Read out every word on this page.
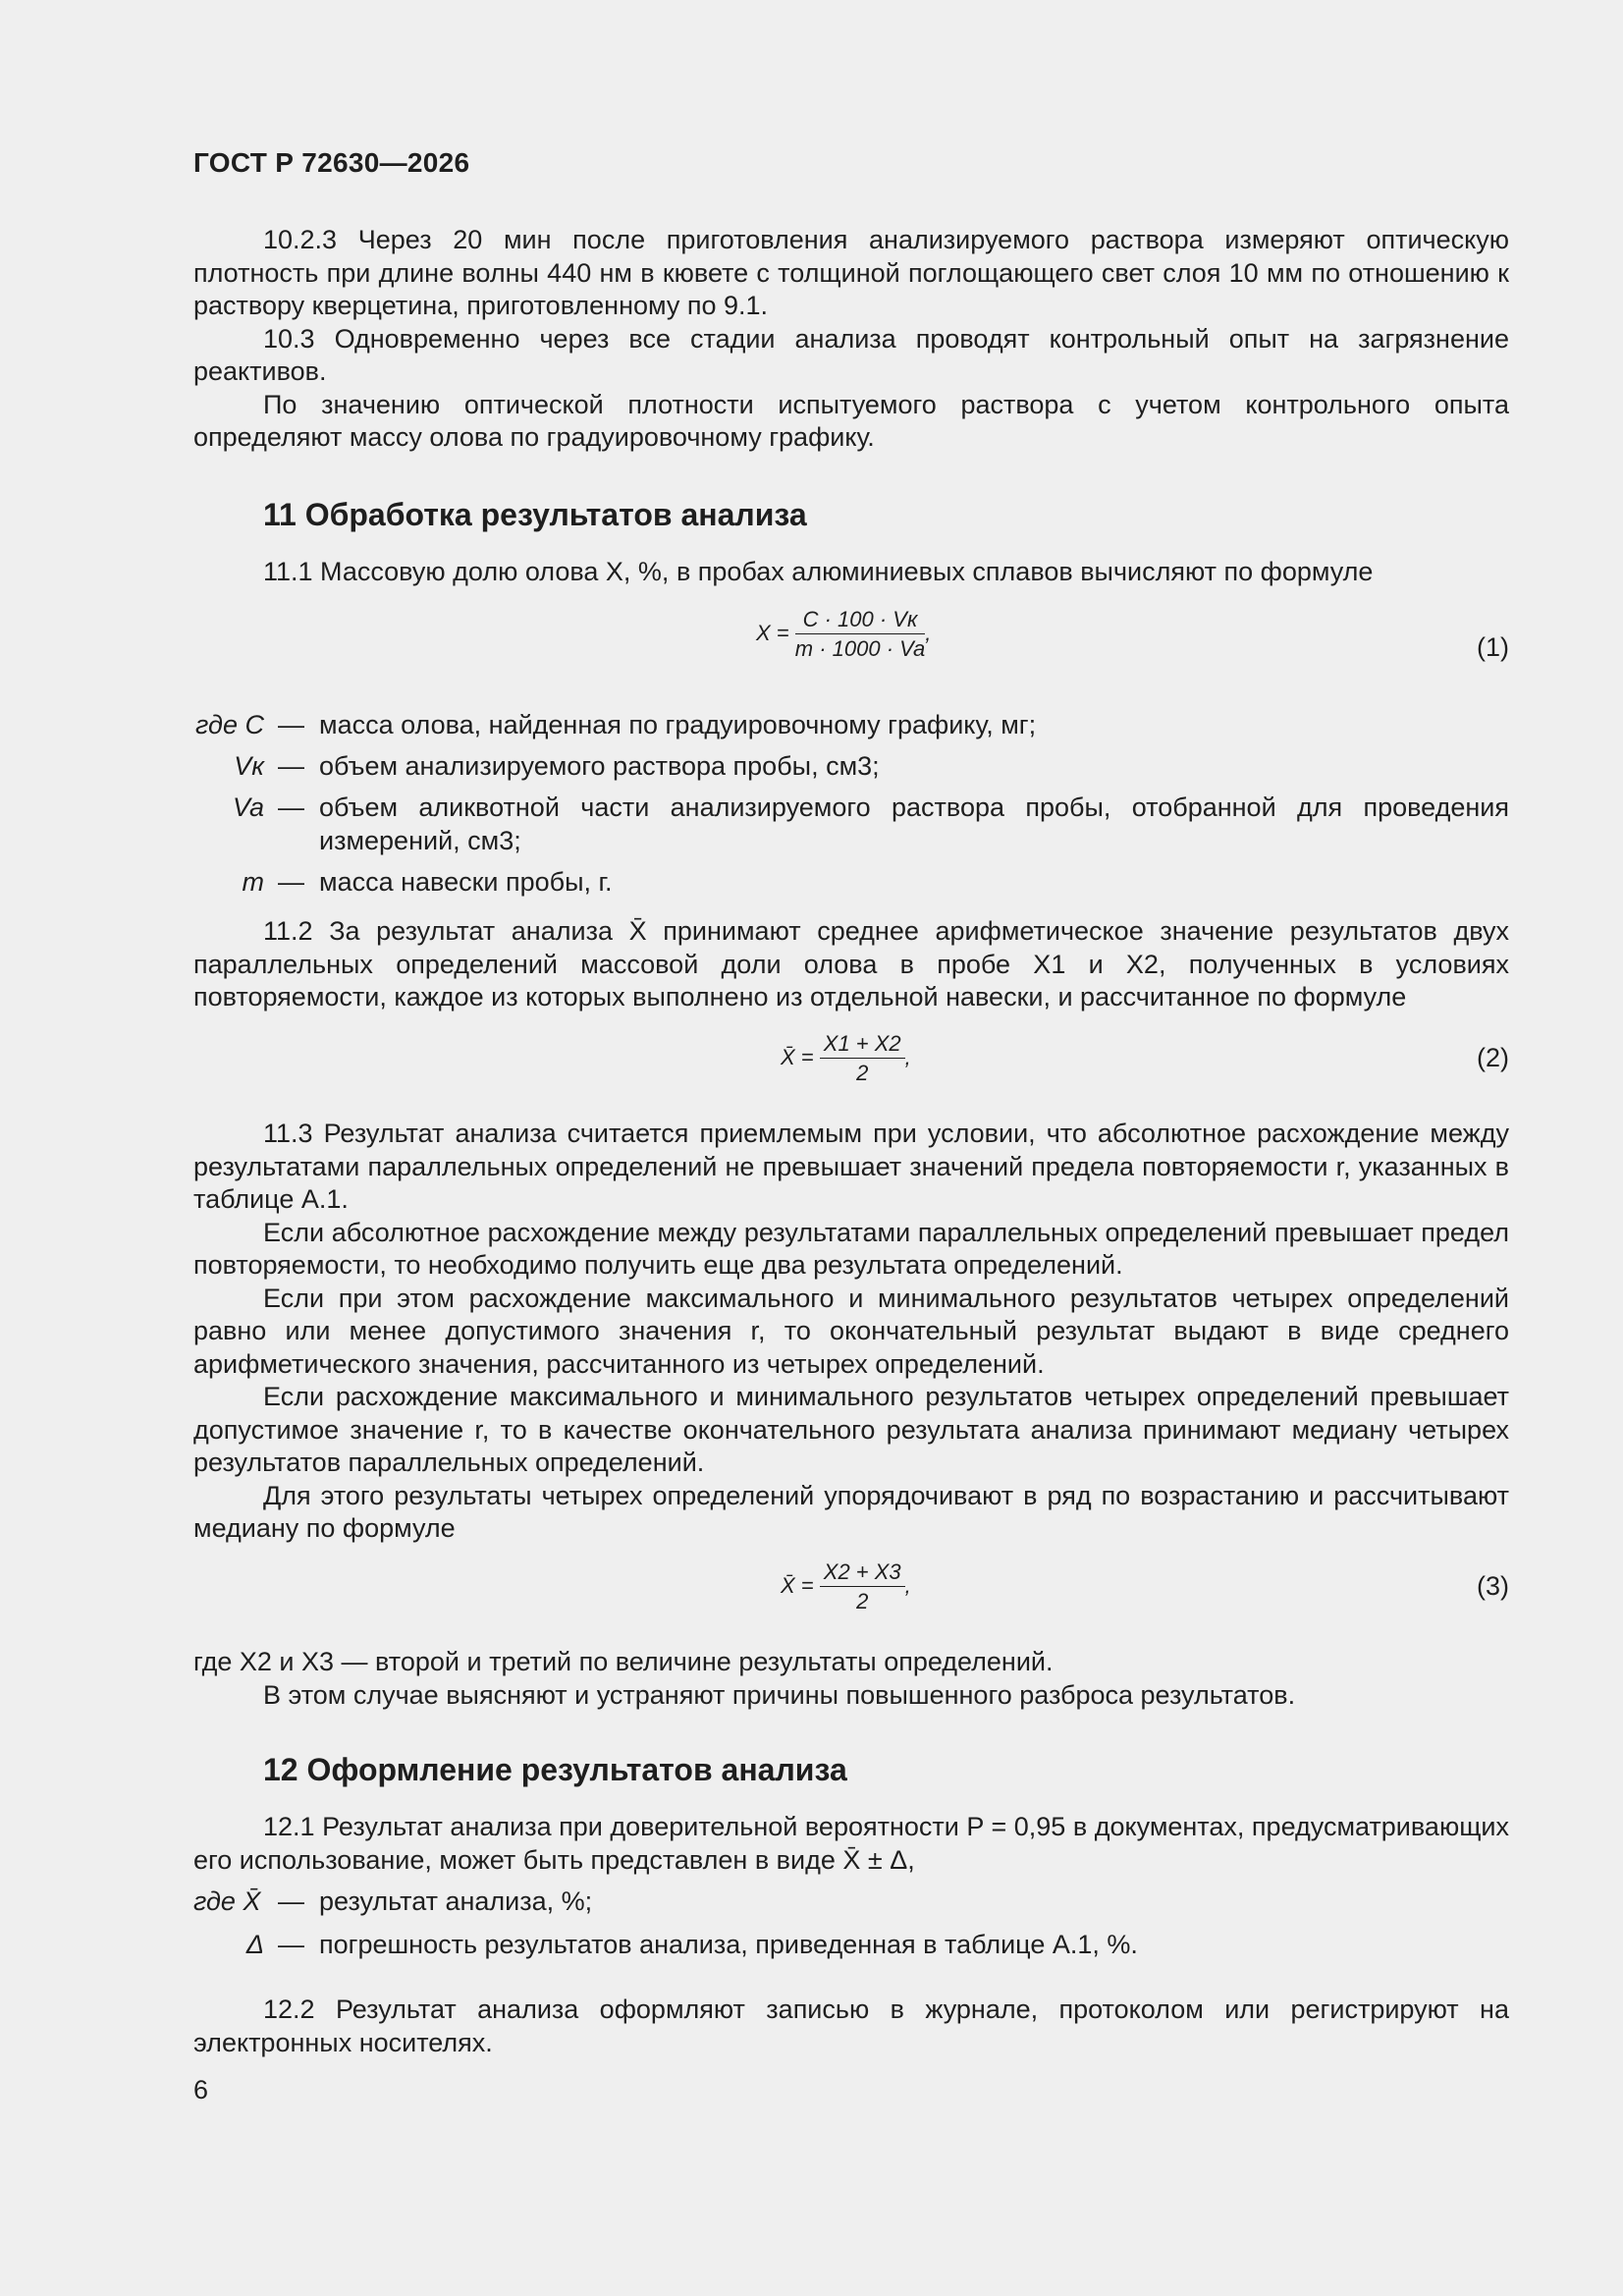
ГОСТ Р 72630—2026

10.2.3 Через 20 мин после приготовления анализируемого раствора измеряют оптическую плотность при длине волны 440 нм в кювете с толщиной поглощающего свет слоя 10 мм по отношению к раствору кверцетина, приготовленному по 9.1.

10.3 Одновременно через все стадии анализа проводят контрольный опыт на загрязнение реактивов.

По значению оптической плотности испытуемого раствора с учетом контрольного опыта определяют массу олова по градуировочному графику.

11 Обработка результатов анализа

11.1 Массовую долю олова X, %, в пробах алюминиевых сплавов вычисляют по формуле

$X = \frac{C \cdot 100 \cdot Vк}{m \cdot 1000 \cdot Va}$ ,	(1)
где C — масса олова, найденная по градуировочному графику, мг;
Vк — объем анализируемого раствора пробы, см3;
Va — объем аликвотной части анализируемого раствора пробы, отобранной для проведения измерений, см3;
m — масса навески пробы, г.

11.2 За результат анализа X̄ принимают среднее арифметическое значение результатов двух параллельных определений массовой доли олова в пробе X1 и X2, полученных в условиях повторяемости, каждое из которых выполнено из отдельной навески, и рассчитанное по формуле

X̄ = $\frac{X1 + X2}{2}$ ,	(2)

11.3 Результат анализа считается приемлемым при условии, что абсолютное расхождение между результатами параллельных определений не превышает значений предела повторяемости r, указанных в таблице А.1.

Если абсолютное расхождение между результатами параллельных определений превышает предел повторяемости, то необходимо получить еще два результата определений.

Если при этом расхождение максимального и минимального результатов четырех определений равно или менее допустимого значения r, то окончательный результат выдают в виде среднего арифметического значения, рассчитанного из четырех определений.

Если расхождение максимального и минимального результатов четырех определений превышает допустимое значение r, то в качестве окончательного результата анализа принимают медиану четырех результатов параллельных определений.

Для этого результаты четырех определений упорядочивают в ряд по возрастанию и рассчитывают медиану по формуле

X̄ = $\frac{X2 + X3}{2}$ ,	(3)
где X2 и X3 — второй и третий по величине результаты определений.

В этом случае выясняют и устраняют причины повышенного разброса результатов.

12 Оформление результатов анализа

12.1 Результат анализа при доверительной вероятности P = 0,95 в документах, предусматривающих его использование, может быть представлен в виде X̄ ± Δ,

где X̄ — результат анализа, %;
Δ — погрешность результатов анализа, приведенная в таблице А.1, %.

12.2 Результат анализа оформляют записью в журнале, протоколом или регистрируют на электронных носителях.

6
